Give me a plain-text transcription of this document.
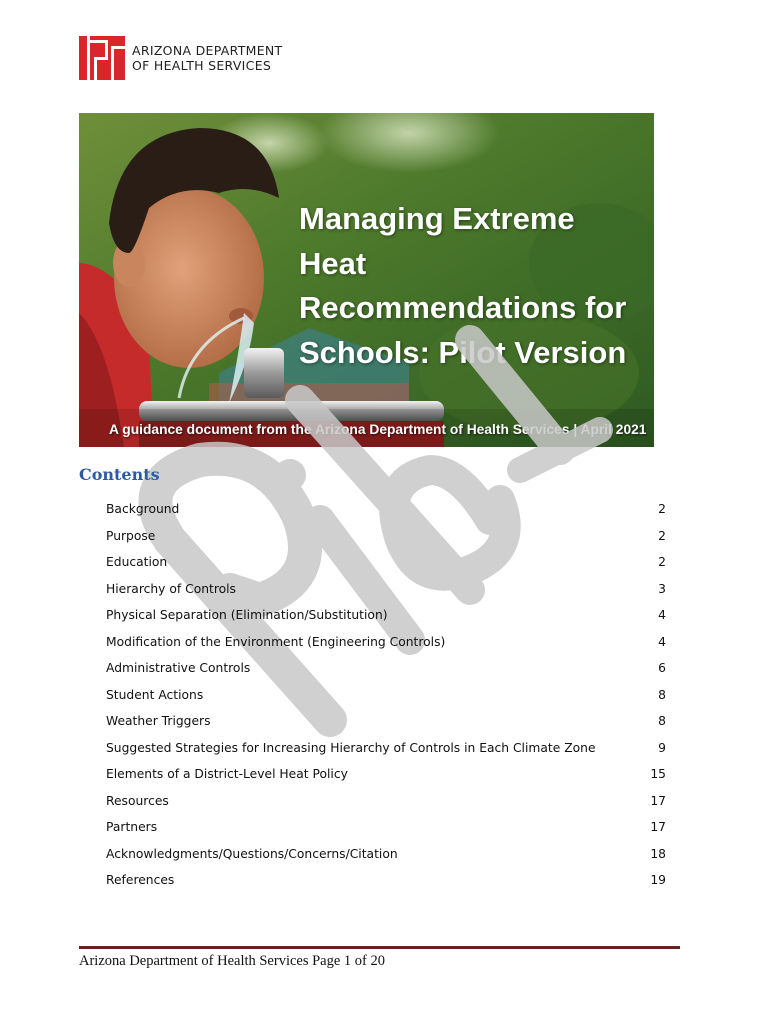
ARIZONA DEPARTMENT
OF HEALTH SERVICES
Managing Extreme
Heat
Recommendations for
Schools: Pilot Version
A guidance document from the Arizona Department of Health Services | April 2021
Contents
Background	2
Purpose	2
Education	2
Hierarchy of Controls	3
Physical Separation (Elimination/Substitution)	4
Modification of the Environment (Engineering Controls)	4
Administrative Controls	6
Student Actions	8
Weather Triggers	8
Suggested Strategies for Increasing Hierarchy of Controls in Each Climate Zone	9
Elements of a District-Level Heat Policy	15
Resources	17
Partners	17
Acknowledgments/Questions/Concerns/Citation	18
References	19
Arizona Department of Health Services Page 1 of 20
